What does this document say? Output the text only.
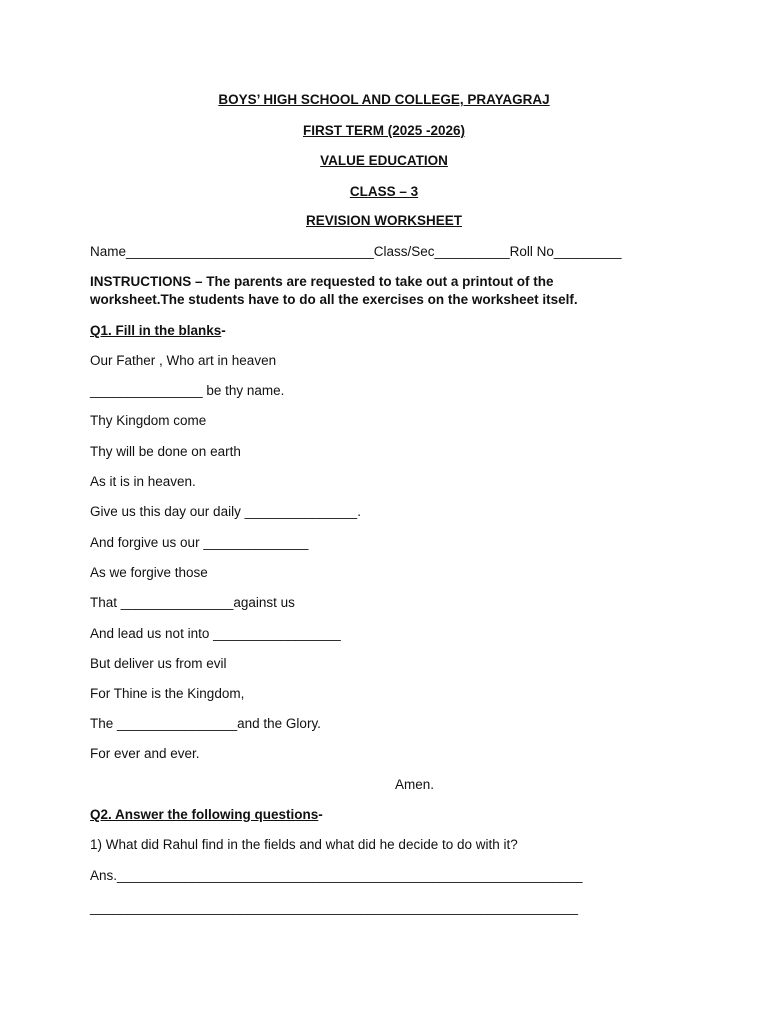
BOYS’ HIGH SCHOOL AND COLLEGE, PRAYAGRAJ
FIRST TERM (2025 -2026)
VALUE EDUCATION
CLASS – 3
REVISION WORKSHEET
Name_________________________________Class/Sec__________Roll No_________
INSTRUCTIONS – The parents are requested to take out a printout of the worksheet.The students have to do all the exercises on the worksheet itself.
Q1. Fill in the blanks-
Our Father , Who art in heaven
_______________ be thy name.
Thy Kingdom come
Thy will be done on earth
As it is in heaven.
Give us this day our daily _______________.
And forgive us our ______________
As we forgive those
That _______________against us
And lead us not into _________________
But deliver us from evil
For Thine is the Kingdom,
The ________________and the Glory.
For ever and ever.
Amen.
Q2. Answer the following questions-
1) What did Rahul find in the fields and what did he decide to do with it?
Ans.______________________________________________________________
_________________________________________________________________
